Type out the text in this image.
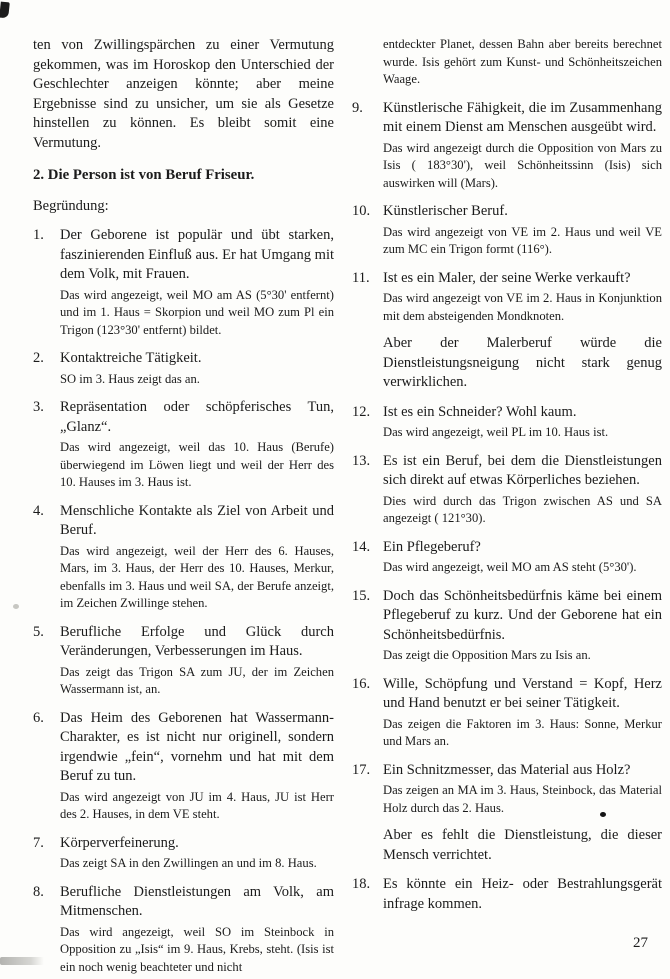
ten von Zwillingspärchen zu einer Vermutung gekommen, was im Horoskop den Unterschied der Geschlechter anzeigen könnte; aber meine Ergebnisse sind zu unsicher, um sie als Gesetze hinstellen zu können. Es bleibt somit eine Vermutung.

2. Die Person ist von Beruf Friseur.

Begründung:

1.	Der Geborene ist populär und übt starken, faszinierenden Einfluß aus. Er hat Umgang mit dem Volk, mit Frauen.

Das wird angezeigt, weil MO am AS (5°30' entfernt) und im 1. Haus = Skorpion und weil MO zum Pl ein Trigon (123°30' entfernt) bildet.

2.	Kontaktreiche Tätigkeit.

SO im 3. Haus zeigt das an.

3.	Repräsentation oder schöpferisches Tun, „Glanz“.

Das wird angezeigt, weil das 10. Haus (Berufe) überwiegend im Löwen liegt und weil der Herr des 10. Hauses im 3. Haus ist.

4.	Menschliche Kontakte als Ziel von Arbeit und Beruf.

Das wird angezeigt, weil der Herr des 6. Hauses, Mars, im 3. Haus, der Herr des 10. Hauses, Merkur, ebenfalls im 3. Haus und weil SA, der Berufe anzeigt, im Zeichen Zwillinge stehen.

5.	Berufliche Erfolge und Glück durch Veränderungen, Verbesserungen im Haus.

Das zeigt das Trigon SA zum JU, der im Zeichen Wassermann ist, an.

6.	Das Heim des Geborenen hat Wassermann-Charakter, es ist nicht nur originell, sondern irgendwie „fein“, vornehm und hat mit dem Beruf zu tun.

Das wird angezeigt von JU im 4. Haus, JU ist Herr des 2. Hauses, in dem VE steht.

7.	Körperverfeinerung.

Das zeigt SA in den Zwillingen an und im 8. Haus.

8.	Berufliche Dienstleistungen am Volk, am Mitmenschen.

Das wird angezeigt, weil SO im Steinbock in Opposition zu „Isis“ im 9. Haus, Krebs, steht. (Isis ist ein noch wenig beachteter und nicht

entdeckter Planet, dessen Bahn aber bereits berechnet wurde. Isis gehört zum Kunst- und Schönheitszeichen Waage.

9.	Künstlerische Fähigkeit, die im Zusammenhang mit einem Dienst am Menschen ausgeübt wird.

Das wird angezeigt durch die Opposition von Mars zu Isis ( 183°30'), weil Schönheitssinn (Isis) sich auswirken will (Mars).

10. Künstlerischer Beruf.

Das wird angezeigt von VE im 2. Haus und weil VE zum MC ein Trigon formt (116°).

11. Ist es ein Maler, der seine Werke verkauft?

Das wird angezeigt von VE im 2. Haus in Konjunktion mit dem absteigenden Mondknoten.

Aber der Malerberuf würde die Dienstleistungsneigung nicht stark genug verwirklichen.

12. Ist es ein Schneider? Wohl kaum.

Das wird angezeigt, weil PL im 10. Haus ist.

13. Es ist ein Beruf, bei dem die Dienstleistungen sich direkt auf etwas Körperliches beziehen.

Dies wird durch das Trigon zwischen AS und SA angezeigt ( 121°30).

14. Ein Pflegeberuf?

Das wird angezeigt, weil MO am AS steht (5°30').

15. Doch das Schönheitsbedürfnis käme bei einem Pflegeberuf zu kurz. Und der Geborene hat ein Schönheitsbedürfnis.

Das zeigt die Opposition Mars zu Isis an.

16. Wille, Schöpfung und Verstand = Kopf, Herz und Hand benutzt er bei seiner Tätigkeit.

Das zeigen die Faktoren im 3. Haus: Sonne, Merkur und Mars an.

17. Ein Schnitzmesser, das Material aus Holz?

Das zeigen an MA im 3. Haus, Steinbock, das Material Holz durch das 2. Haus.

Aber es fehlt die Dienstleistung, die dieser Mensch verrichtet.

18. Es könnte ein Heiz- oder Bestrahlungsgerät infrage kommen.

27
